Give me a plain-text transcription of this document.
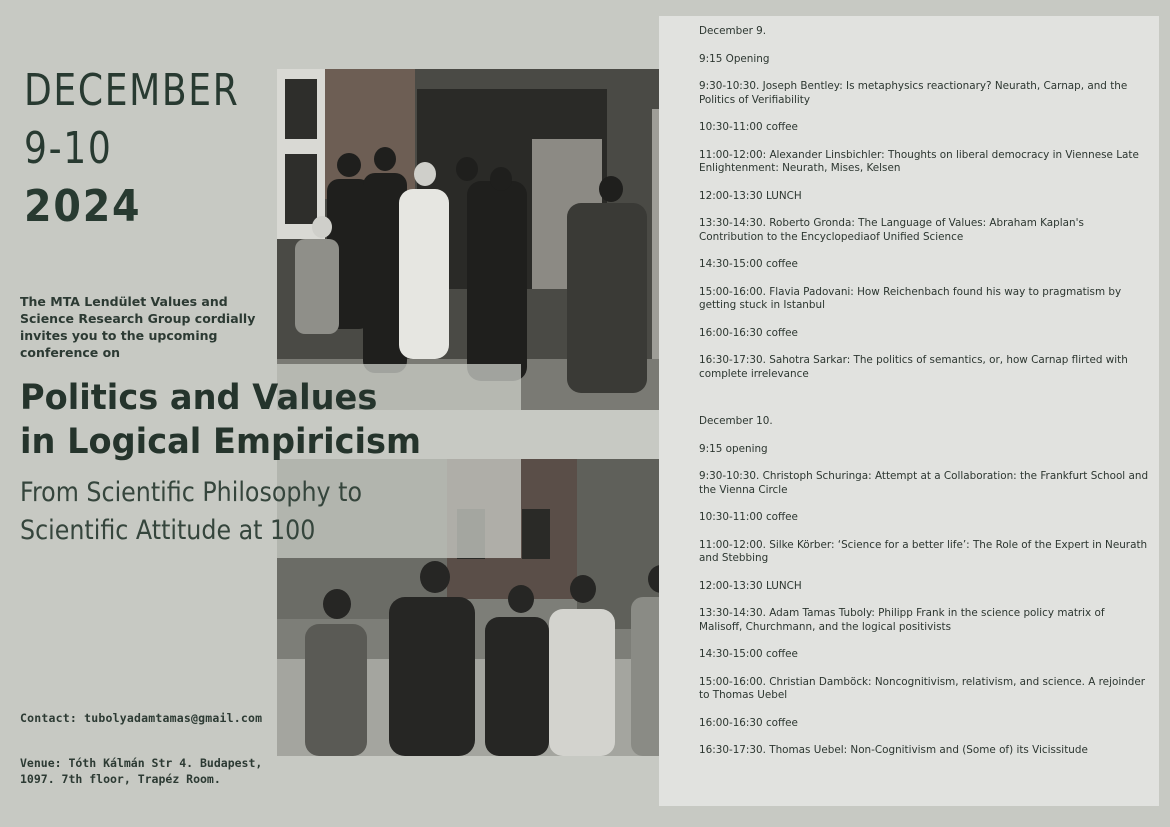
DECEMBER
9-10
2024
The MTA Lendület Values and Science Research Group cordially invites you to the upcoming conference on
Politics and Values
in Logical Empiricism
From Scientific Philosophy to
Scientific Attitude at 100
Contact: tubolyadamtamas@gmail.com
Venue: Tóth Kálmán Str 4. Budapest, 1097. 7th floor, Trapéz Room.
December 9.
9:15 Opening
9:30-10:30. Joseph Bentley: Is metaphysics reactionary? Neurath, Carnap, and the Politics of Verifiability
10:30-11:00 coffee
11:00-12:00: Alexander Linsbichler: Thoughts on liberal democracy in Viennese Late Enlightenment: Neurath, Mises, Kelsen
12:00-13:30 LUNCH
13:30-14:30. Roberto Gronda: The Language of Values: Abraham Kaplan's Contribution to the Encyclopediaof Unified Science
14:30-15:00 coffee
15:00-16:00. Flavia Padovani: How Reichenbach found his way to pragmatism by getting stuck in Istanbul
16:00-16:30 coffee
16:30-17:30. Sahotra Sarkar: The politics of semantics, or, how Carnap flirted with complete irrelevance
December 10.
9:15 opening
9:30-10:30. Christoph Schuringa: Attempt at a Collaboration: the Frankfurt School and the Vienna Circle
10:30-11:00 coffee
11:00-12:00. Silke Körber: ‘Science for a better life’: The Role of the Expert in Neurath and Stebbing
12:00-13:30 LUNCH
13:30-14:30. Adam Tamas Tuboly: Philipp Frank in the science policy matrix of Malisoff, Churchmann, and the logical positivists
14:30-15:00 coffee
15:00-16:00. Christian Damböck: Noncognitivism, relativism, and science. A rejoinder to Thomas Uebel
16:00-16:30 coffee
16:30-17:30. Thomas Uebel: Non-Cognitivism and (Some of) its Vicissitude
